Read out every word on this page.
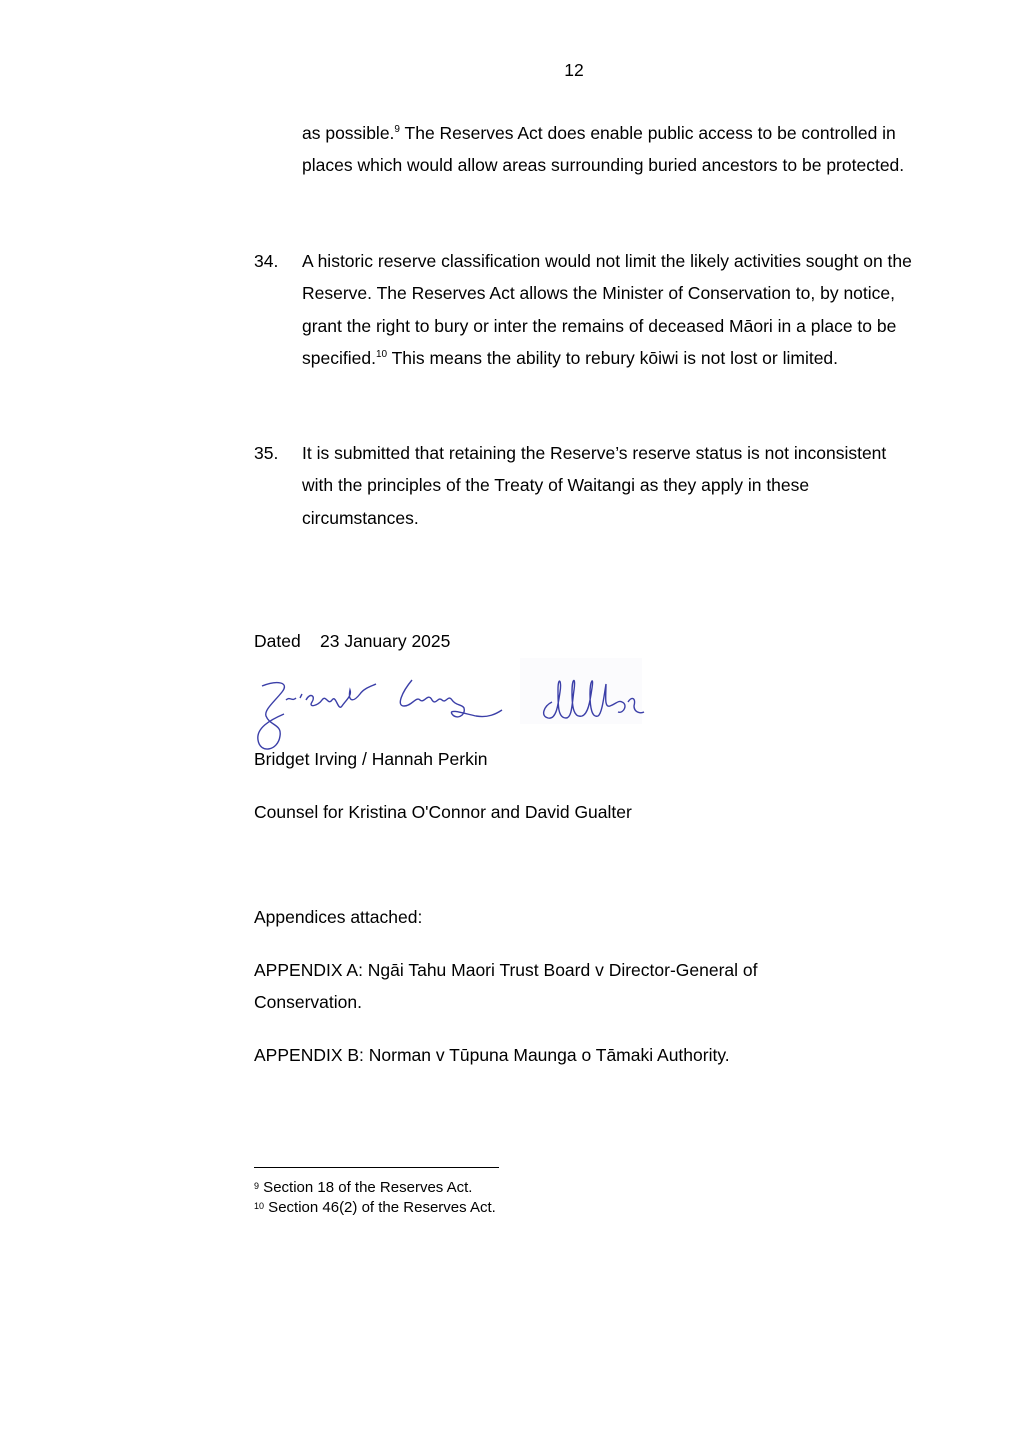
12
as possible.$^9$ The Reserves Act does enable public access to be controlled in places which would allow areas surrounding buried ancestors to be protected.
34. A historic reserve classification would not limit the likely activities sought on the Reserve. The Reserves Act allows the Minister of Conservation to, by notice, grant the right to bury or inter the remains of deceased Māori in a place to be specified.$^{10}$ This means the ability to rebury kōiwi is not lost or limited.
35. It is submitted that retaining the Reserve’s reserve status is not inconsistent with the principles of the Treaty of Waitangi as they apply in these circumstances.
Dated 23 January 2025
Bridget Irving / Hannah Perkin
Counsel for Kristina O'Connor and David Gualter
Appendices attached:
APPENDIX A: Ngāi Tahu Maori Trust Board v Director-General of Conservation.
APPENDIX B: Norman v Tūpuna Maunga o Tāmaki Authority.
$^9$ Section 18 of the Reserves Act.
$^{10}$ Section 46(2) of the Reserves Act.
